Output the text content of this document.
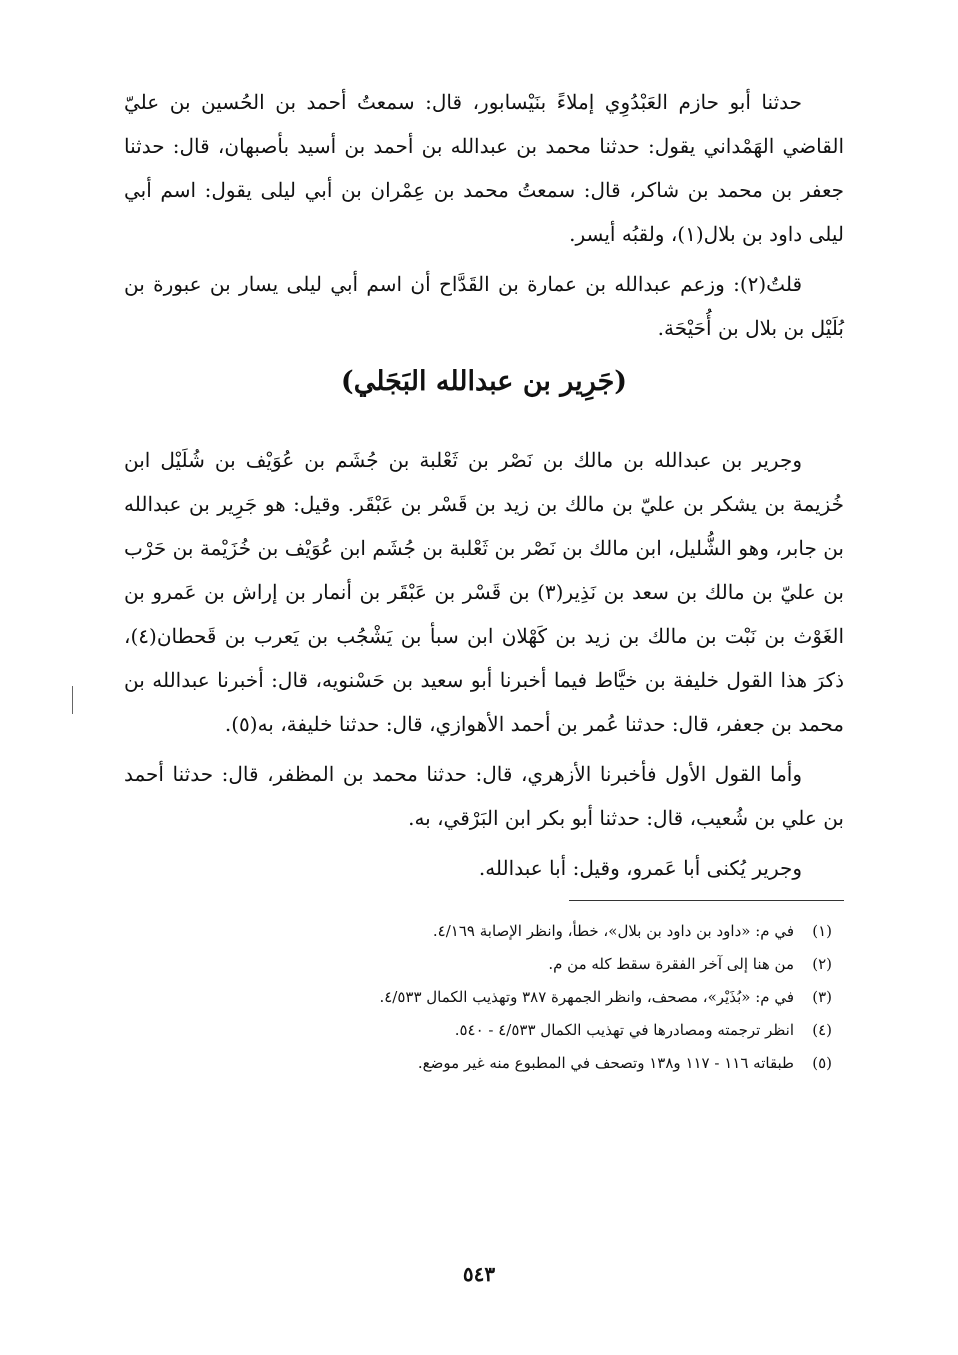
حدثنا أبو حازم العَبْدُوِي إملاءً بنَيْسابور، قال: سمعتُ أحمد بن الحُسين بن عليّ القاضي الهَمْداني يقول: حدثنا محمد بن عبدالله بن أحمد بن أسيد بأصبهان، قال: حدثنا جعفر بن محمد بن شاكر، قال: سمعتُ محمد بن عِمْران بن أبي ليلى يقول: اسم أبي ليلى داود بن بلال(١)، ولقبُه أيسر.

قلتُ(٢): وزعم عبدالله بن عمارة بن القَدَّاح أن اسم أبي ليلى يسار بن عبورة بن بُلَيْل بن بلال بن أُحَيْحَة.

(جَرِير بن عبدالله البَجَلي)

وجرير بن عبدالله بن مالك بن نَصْر بن ثَعْلبة بن جُشَم بن عُوَيْف بن شُلَيْل ابن خُزيمة بن يشكر بن عليّ بن مالك بن زيد بن قَسْر بن عَبْقَر. وقيل: هو جَرِير بن عبدالله بن جابر، وهو الشُّليل، ابن مالك بن نَصْر بن ثَعْلبة بن جُشَم ابن عُوَيْف بن خُزَيْمة بن حَرْب بن عليّ بن مالك بن سعد بن نَذِير(٣) بن قَسْر بن عَبْقَر بن أنمار بن إراش بن عَمرو بن الغَوْث بن نَبْت بن مالك بن زيد بن كَهْلان ابن سبأ بن يَشْجُب بن يَعرب بن قَحطان(٤)، ذكرَ هذا القول خليفة بن خيَّاط فيما أخبرنا أبو سعيد بن حَسْنويه، قال: أخبرنا عبدالله بن محمد بن جعفر، قال: حدثنا عُمر بن أحمد الأهوازي، قال: حدثنا خليفة، به(٥).

وأما القول الأول فأخبرنا الأزهري، قال: حدثنا محمد بن المظفر، قال: حدثنا أحمد بن علي بن شُعيب، قال: حدثنا أبو بكر ابن البَرْقي، به.

وجرير يُكنى أبا عَمرو، وقيل: أبا عبدالله.

(١)
في م: «داود بن داود بن بلال»، خطأ، وانظر الإصابة ٤/١٦٩.
(٢)
من هنا إلى آخر الفقرة سقط كله من م.
(٣)
في م: «بُذَيْر»، مصحف، وانظر الجمهرة ٣٨٧ وتهذيب الكمال ٤/٥٣٣.
(٤)
انظر ترجمته ومصادرها في تهذيب الكمال ٤/٥٣٣ - ٥٤٠.
(٥)
طبقاته ١١٦ - ١١٧ و١٣٨ وتصحف في المطبوع منه غير موضع.
٥٤٣
